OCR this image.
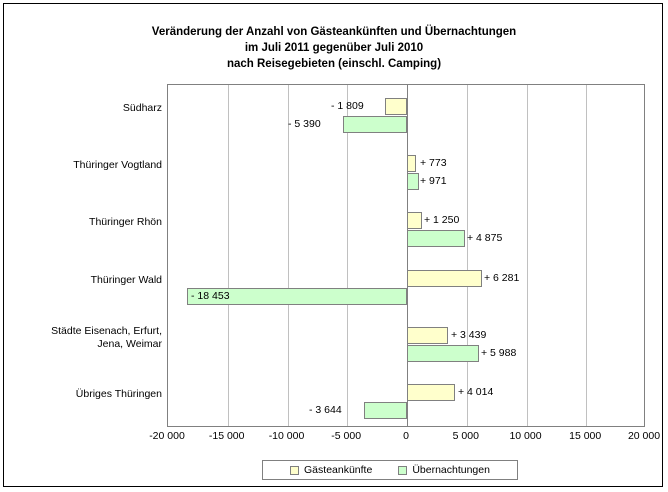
Veränderung der Anzahl von Gästeankünften und Übernachtungen
im Juli 2011 gegenüber Juli 2010
nach Reisegebieten (einschl. Camping)
Südharz
Thüringer Vogtland
Thüringer Rhön
Thüringer Wald
Städte Eisenach, Erfurt,
Jena, Weimar
Übriges Thüringen
- 1 809
- 5 390
+ 773
+ 971
+ 1 250
+ 4 875
+ 6 281
- 18 453
+ 3 439
+ 5 988
+ 4 014
- 3 644
-20 000 -15 000 -10 000	-5 000	0	5 000	10 000	15 000	20 000
Gästeankünfte	Übernachtungen
